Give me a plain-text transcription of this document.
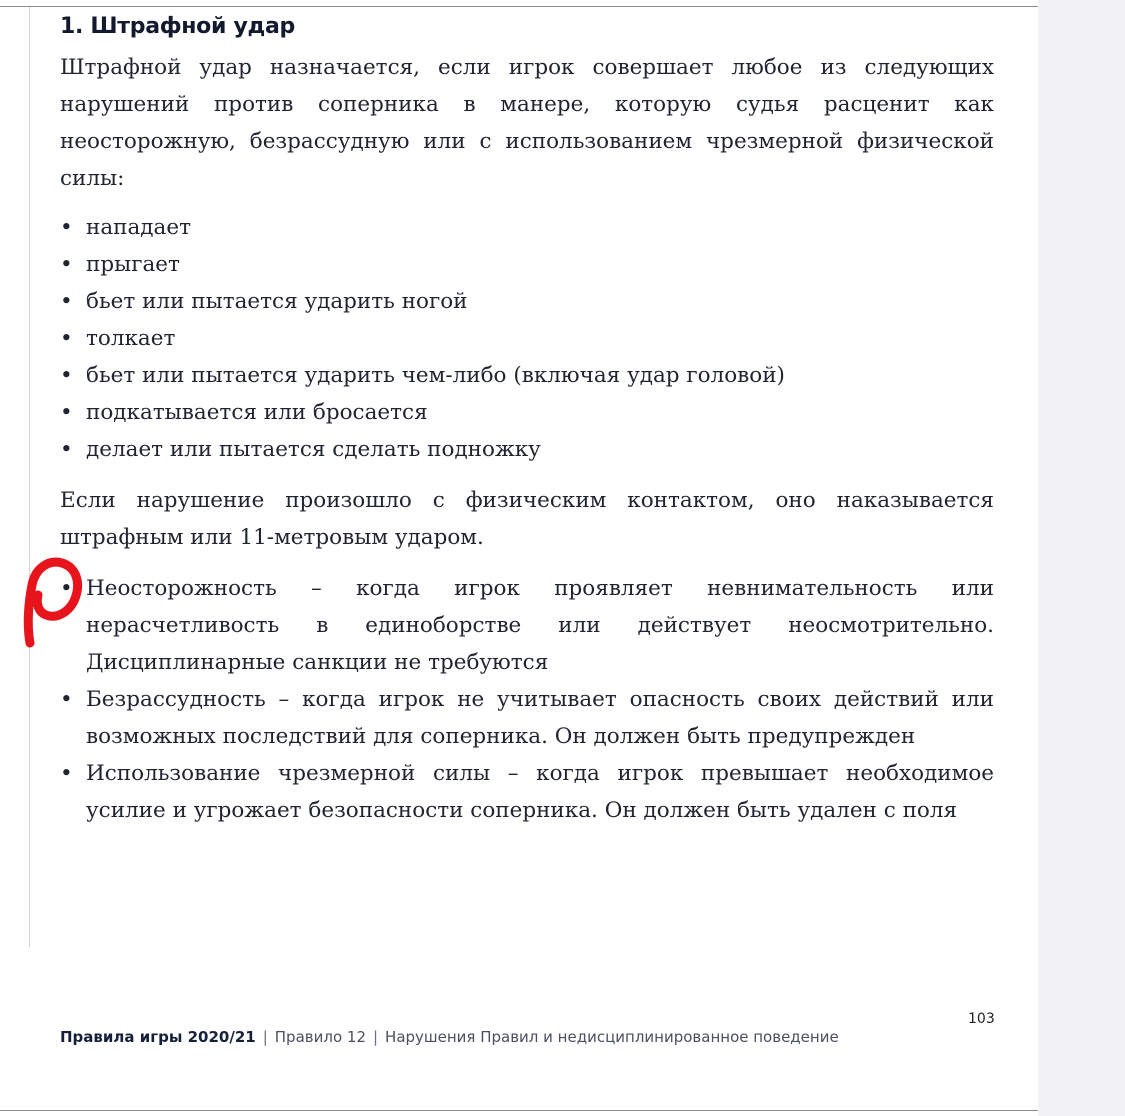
1. Штрафной удар

Штрафной удар назначается, если игрок совершает любое из следующих нарушений против соперника в манере, которую судья расценит как неосторожную, безрассудную или с использованием чрезмерной физической силы:

• нападает
• прыгает
• бьет или пытается ударить ногой
• толкает
• бьет или пытается ударить чем-либо (включая удар головой)
• подкатывается или бросается
• делает или пытается сделать подножку

Если нарушение произошло с физическим контактом, оно наказывается штрафным или 11-метровым ударом.

• Неосторожность – когда игрок проявляет невнимательность или нерасчетливость в единоборстве или действует неосмотрительно. Дисциплинарные санкции не требуются
• Безрассудность – когда игрок не учитывает опасность своих действий или возможных последствий для соперника. Он должен быть предупрежден
• Использование чрезмерной силы – когда игрок превышает необходимое усилие и угрожает безопасности соперника. Он должен быть удален с поля
Правила игры 2020/21 | Правило 12 | Нарушения Правил и недисциплинированное поведение
103
